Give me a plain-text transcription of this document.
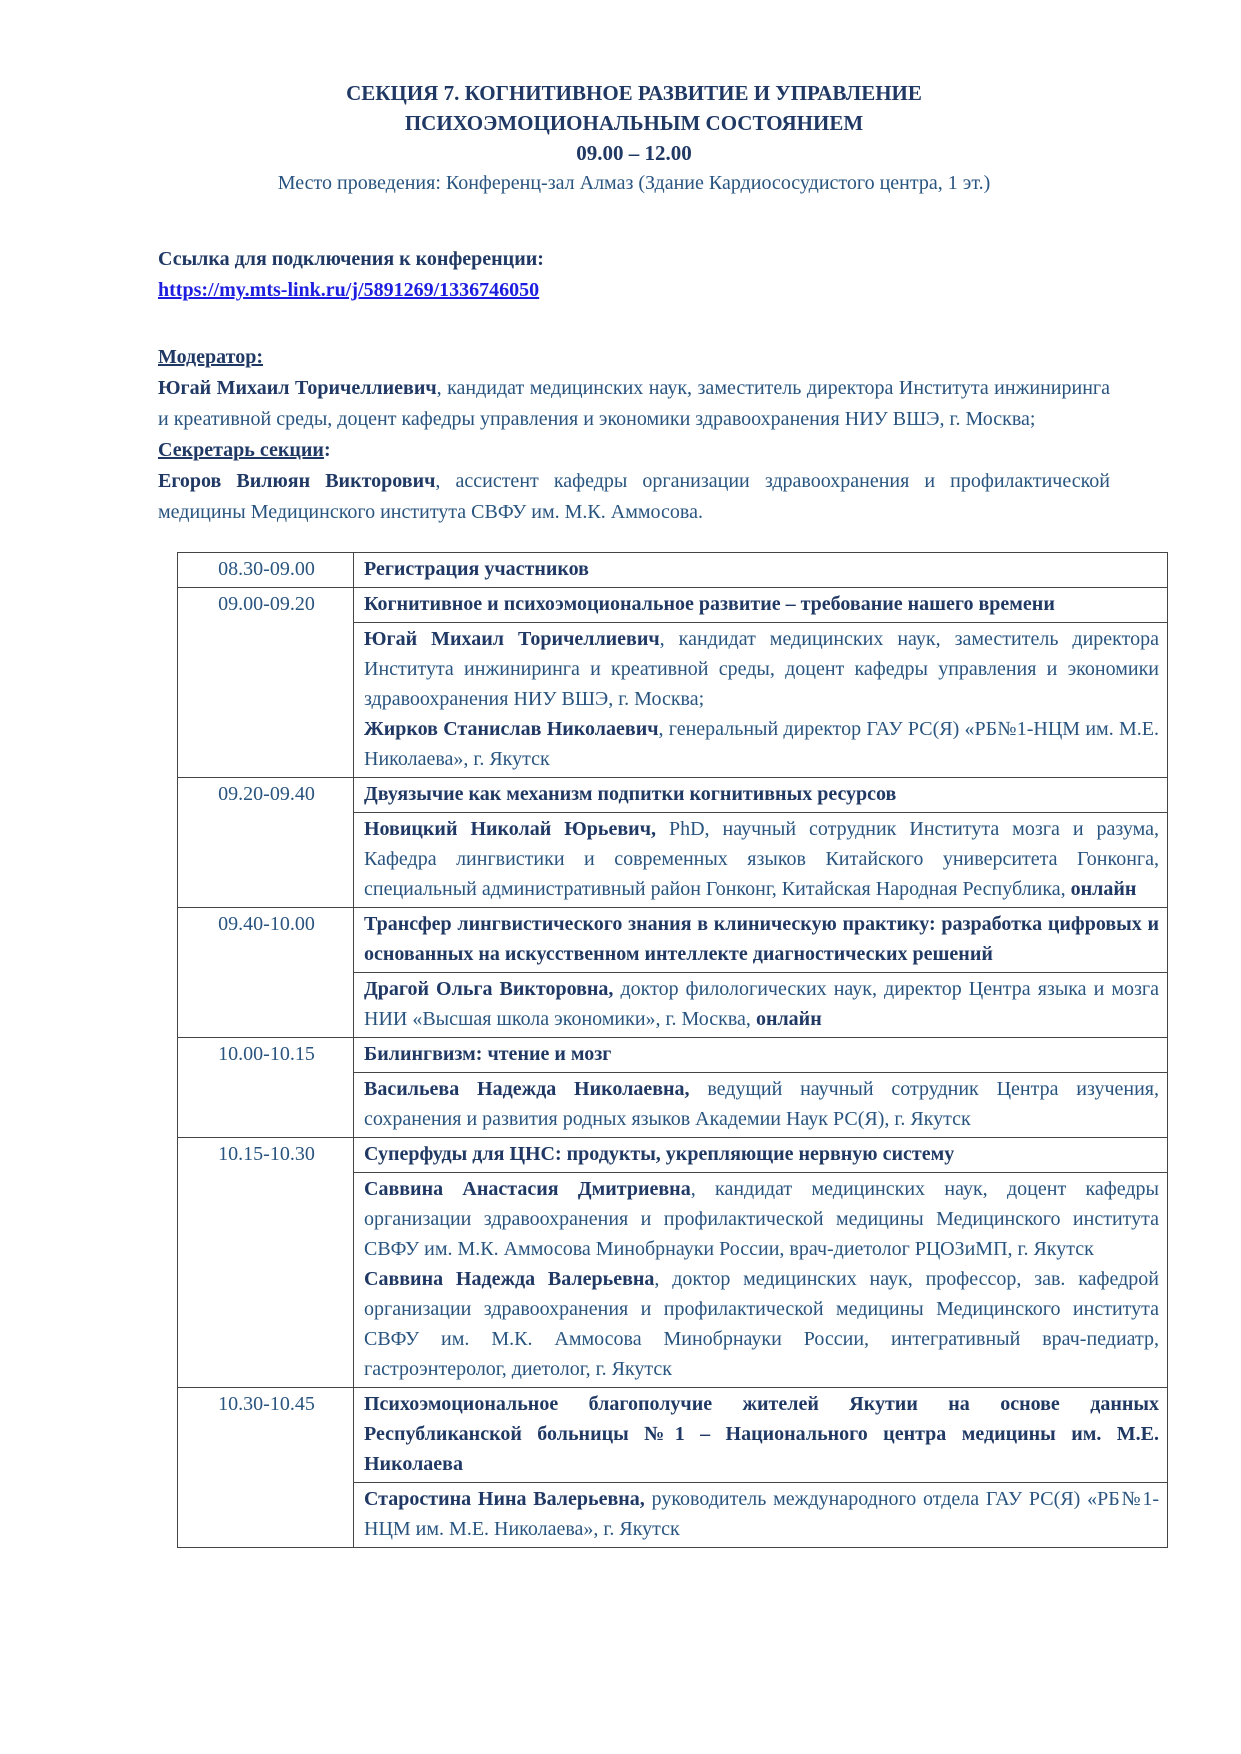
СЕКЦИЯ 7. КОГНИТИВНОЕ РАЗВИТИЕ И УПРАВЛЕНИЕ
ПСИХОЭМОЦИОНАЛЬНЫМ СОСТОЯНИЕМ
09.00 – 12.00
Место проведения: Конференц-зал Алмаз (Здание Кардиососудистого центра, 1 эт.)
Ссылка для подключения к конференции:
https://my.mts-link.ru/j/5891269/1336746050
Модератор:
Югай Михаил Торичеллиевич, кандидат медицинских наук, заместитель директора Института инжиниринга и креативной среды, доцент кафедры управления и экономики здравоохранения НИУ ВШЭ, г. Москва;
Секретарь секции:
Егоров Вилюян Викторович, ассистент кафедры организации здравоохранения и профилактической медицины Медицинского института СВФУ им. М.К. Аммосова.
08.30-09.00	Регистрация участников
09.00-09.20	Когнитивное и психоэмоциональное развитие – требование нашего времени

	Югай Михаил Торичеллиевич, кандидат медицинских наук, заместитель директора Института инжиниринга и креативной среды, доцент кафедры управления и экономики здравоохранения НИУ ВШЭ, г. Москва;
Жирков Станислав Николаевич, генеральный директор ГАУ РС(Я) «РБ№1-НЦМ им. М.Е. Николаева», г. Якутск

09.20-09.40	Двуязычие как механизм подпитки когнитивных ресурсов

	Новицкий Николай Юрьевич, PhD, научный сотрудник Института мозга и разума, Кафедра лингвистики и современных языков Китайского университета Гонконга, специальный административный район Гонконг, Китайская Народная Республика, онлайн

09.40-10.00	Трансфер лингвистического знания в клиническую практику: разработка цифровых и основанных на искусственном интеллекте диагностических решений

	Драгой Ольга Викторовна, доктор филологических наук, директор Центра языка и мозга НИИ «Высшая школа экономики», г. Москва, онлайн

10.00-10.15	Билингвизм: чтение и мозг

	Васильева Надежда Николаевна, ведущий научный сотрудник Центра изучения, сохранения и развития родных языков Академии Наук РС(Я), г. Якутск

10.15-10.30	Суперфуды для ЦНС: продукты, укрепляющие нервную систему

	Саввина Анастасия Дмитриевна, кандидат медицинских наук, доцент кафедры организации здравоохранения и профилактической медицины Медицинского института СВФУ им. М.К. Аммосова Минобрнауки России, врач-диетолог РЦОЗиМП, г. Якутск
Саввина Надежда Валерьевна, доктор медицинских наук, профессор, зав. кафедрой организации здравоохранения и профилактической медицины Медицинского института СВФУ им. М.К. Аммосова Минобрнауки России, интегративный врач-педиатр, гастроэнтеролог, диетолог, г. Якутск

10.30-10.45	Психоэмоциональное благополучие жителей Якутии на основе данных Республиканской больницы №1 – Национального центра медицины им. М.Е. Николаева

	Старостина Нина Валерьевна, руководитель международного отдела ГАУ РС(Я) «РБ№1-НЦМ им. М.Е. Николаева», г. Якутск
